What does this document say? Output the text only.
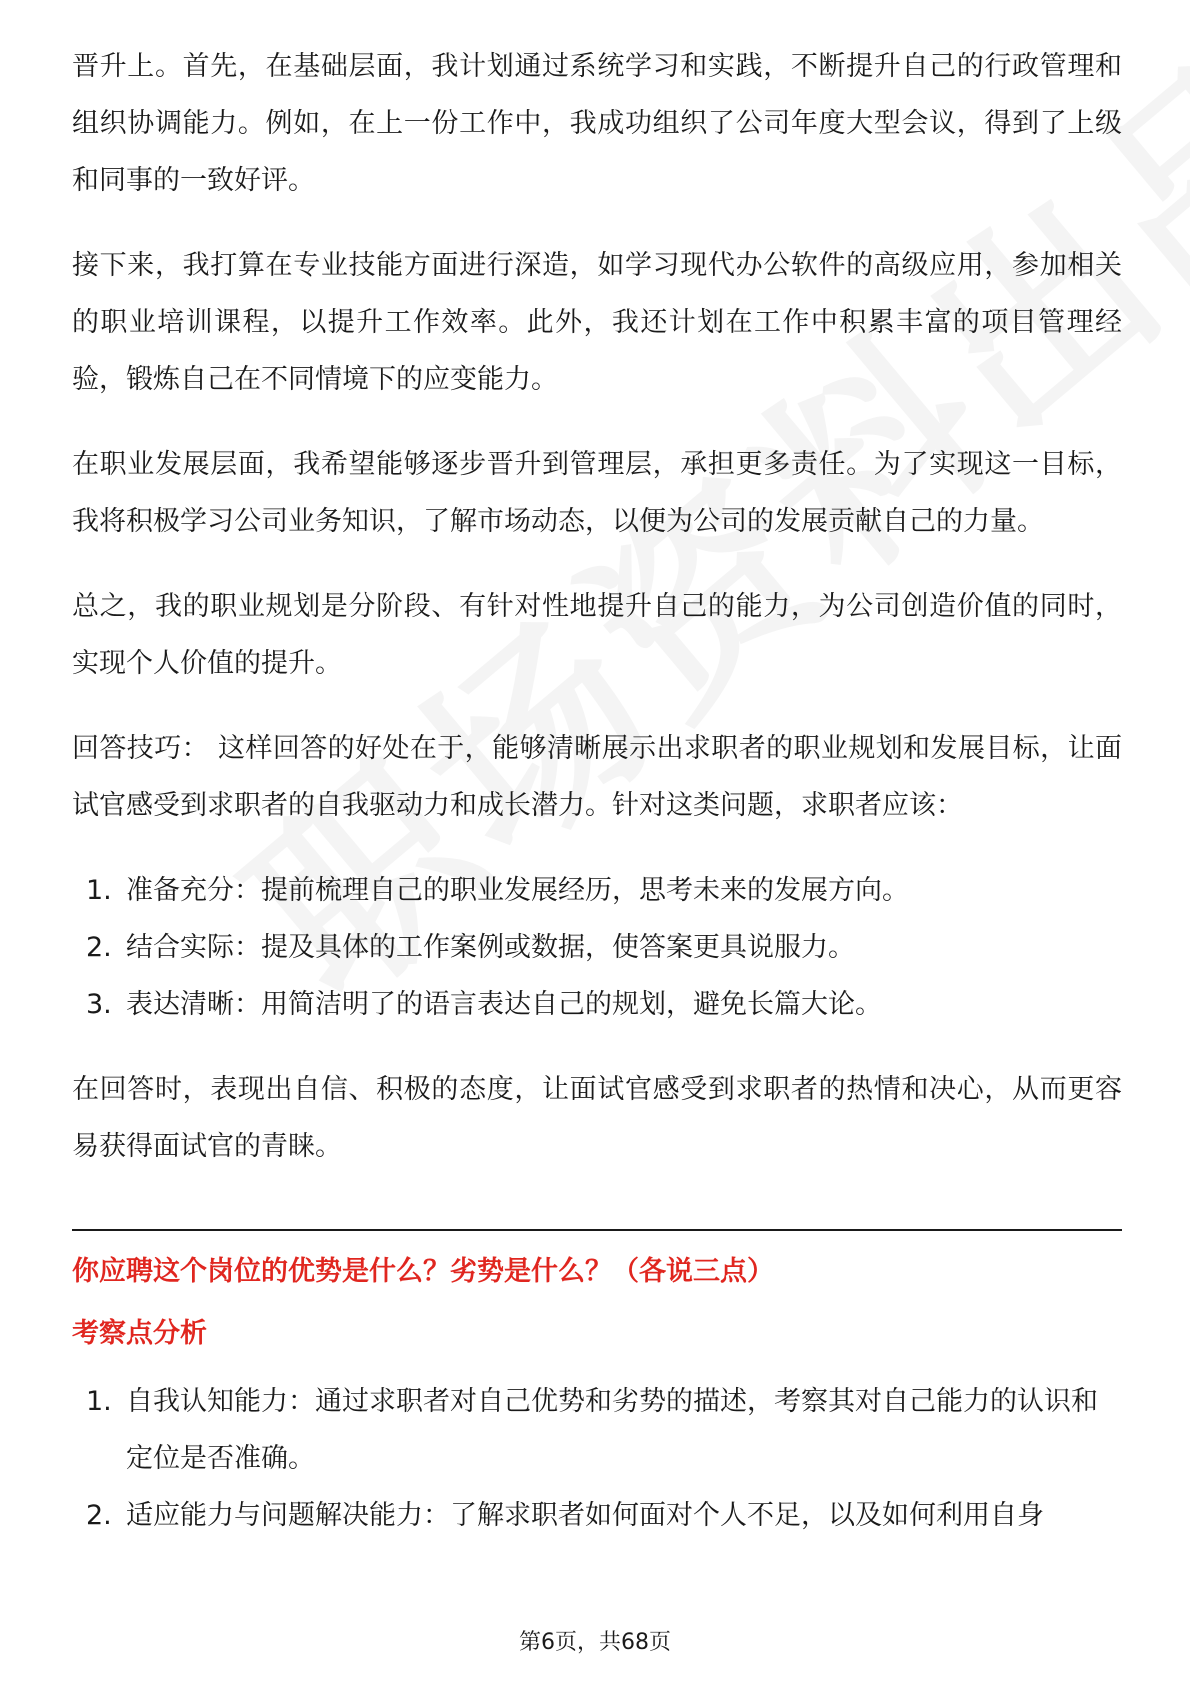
晋升上。首先，在基础层面，我计划通过系统学习和实践，不断提升自己的行政管理和组织协调能力。例如，在上一份工作中，我成功组织了公司年度大型会议，得到了上级和同事的一致好评。

接下来，我打算在专业技能方面进行深造，如学习现代办公软件的高级应用，参加相关的职业培训课程，以提升工作效率。此外，我还计划在工作中积累丰富的项目管理经验，锻炼自己在不同情境下的应变能力。

在职业发展层面，我希望能够逐步晋升到管理层，承担更多责任。为了实现这一目标，我将积极学习公司业务知识，了解市场动态，以便为公司的发展贡献自己的力量。

总之，我的职业规划是分阶段、有针对性地提升自己的能力，为公司创造价值的同时，实现个人价值的提升。

回答技巧： 这样回答的好处在于，能够清晰展示出求职者的职业规划和发展目标，让面试官感受到求职者的自我驱动力和成长潜力。针对这类问题，求职者应该：

1. 准备充分：提前梳理自己的职业发展经历，思考未来的发展方向。
2. 结合实际：提及具体的工作案例或数据，使答案更具说服力。
3. 表达清晰：用简洁明了的语言表达自己的规划，避免长篇大论。

在回答时，表现出自信、积极的态度，让面试官感受到求职者的热情和决心，从而更容易获得面试官的青睐。

你应聘这个岗位的优势是什么？劣势是什么？（各说三点）
考察点分析
1. 自我认知能力：通过求职者对自己优势和劣势的描述，考察其对自己能力的认识和定位是否准确。
2. 适应能力与问题解决能力：了解求职者如何面对个人不足，以及如何利用自身
第6页，共68页
